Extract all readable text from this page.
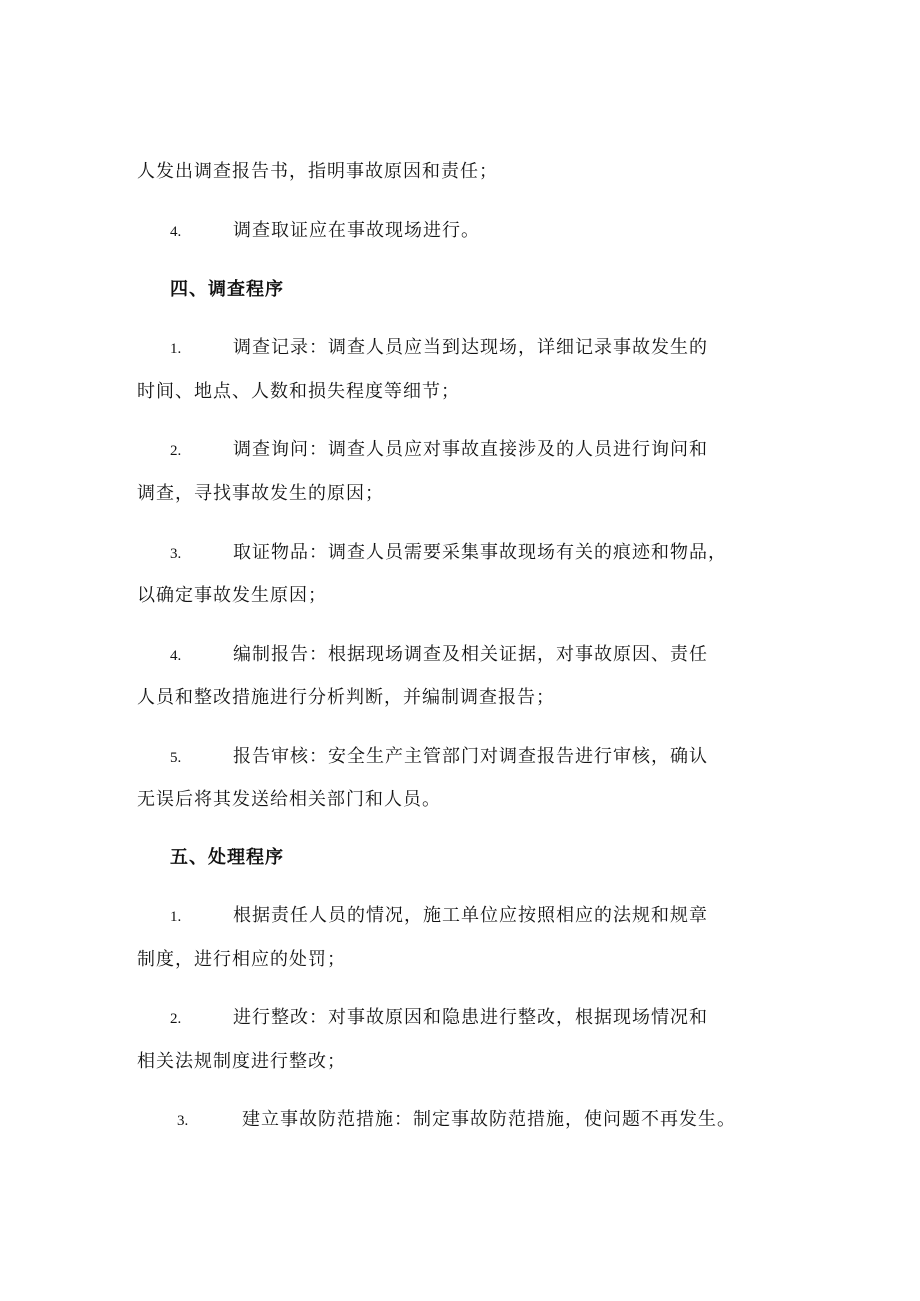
人发出调查报告书，指明事故原因和责任；
4.	调查取证应在事故现场进行。
四、调查程序
1.	调查记录：调查人员应当到达现场，详细记录事故发生的
时间、地点、人数和损失程度等细节；
2.	调查询问：调查人员应对事故直接涉及的人员进行询问和
调查，寻找事故发生的原因；
3.	取证物品：调查人员需要采集事故现场有关的痕迹和物品，
以确定事故发生原因；
4.	编制报告：根据现场调查及相关证据，对事故原因、责任
人员和整改措施进行分析判断，并编制调查报告；
5.	报告审核：安全生产主管部门对调查报告进行审核，确认
无误后将其发送给相关部门和人员。
五、处理程序
1.	根据责任人员的情况，施工单位应按照相应的法规和规章
制度，进行相应的处罚；
2.	进行整改：对事故原因和隐患进行整改，根据现场情况和
相关法规制度进行整改；
3.	建立事故防范措施：制定事故防范措施，使问题不再发生。
